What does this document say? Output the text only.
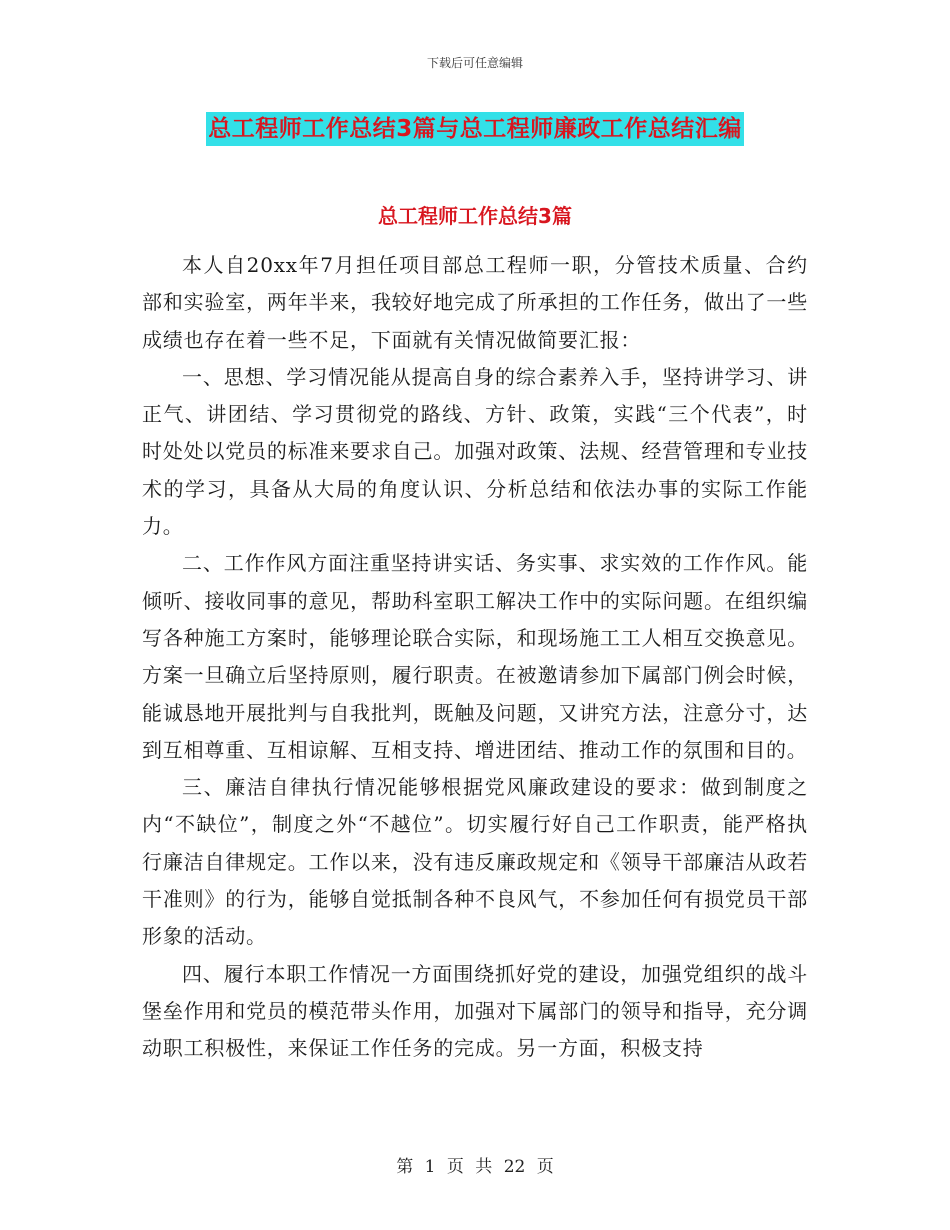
下载后可任意编辑
总工程师工作总结3篇与总工程师廉政工作总结汇编
总工程师工作总结3篇

本人自20xx年7月担任项目部总工程师一职，分管技术质量、合约部和实验室，两年半来，我较好地完成了所承担的工作任务，做出了一些成绩也存在着一些不足，下面就有关情况做简要汇报：

一、思想、学习情况能从提高自身的综合素养入手，坚持讲学习、讲正气、讲团结、学习贯彻党的路线、方针、政策，实践“三个代表”，时时处处以党员的标准来要求自己。加强对政策、法规、经营管理和专业技术的学习，具备从大局的角度认识、分析总结和依法办事的实际工作能力。

二、工作作风方面注重坚持讲实话、务实事、求实效的工作作风。能倾听、接收同事的意见，帮助科室职工解决工作中的实际问题。在组织编写各种施工方案时，能够理论联合实际，和现场施工工人相互交换意见。方案一旦确立后坚持原则，履行职责。在被邀请参加下属部门例会时候，能诚恳地开展批判与自我批判，既触及问题，又讲究方法，注意分寸，达到互相尊重、互相谅解、互相支持、增进团结、推动工作的氛围和目的。

三、廉洁自律执行情况能够根据党风廉政建设的要求：做到制度之内“不缺位”，制度之外“不越位”。切实履行好自己工作职责，能严格执行廉洁自律规定。工作以来，没有违反廉政规定和《领导干部廉洁从政若干准则》的行为，能够自觉抵制各种不良风气，不参加任何有损党员干部形象的活动。

四、履行本职工作情况一方面围绕抓好党的建设，加强党组织的战斗堡垒作用和党员的模范带头作用，加强对下属部门的领导和指导，充分调动职工积极性，来保证工作任务的完成。另一方面，积极支持

第 1 页 共 22 页
